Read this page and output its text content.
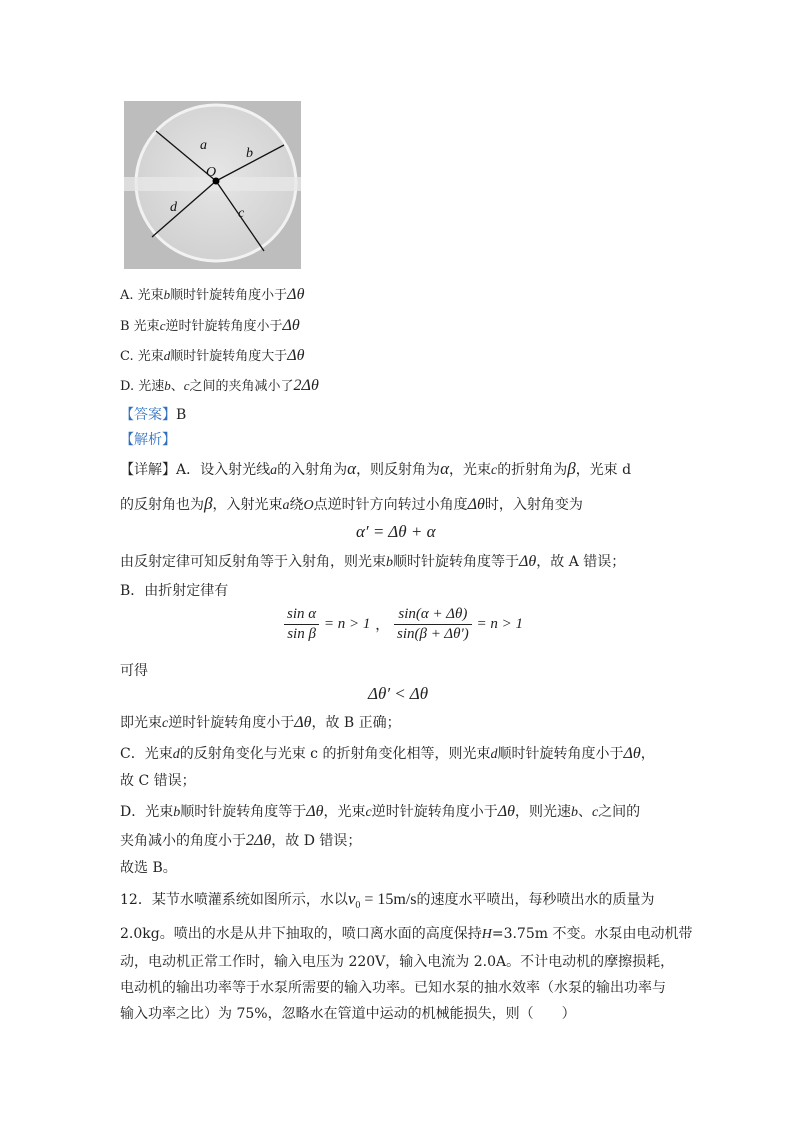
a
O
b
d	c
A. 光束b顺时针旋转角度小于Δθ
B 光束c逆时针旋转角度小于Δθ
C. 光束d顺时针旋转角度大于Δθ
D. 光速b、c之间的夹角减小了2Δθ
【答案】B
【解析】
【详解】A．设入射光线a的入射角为α，则反射角为α，光束c的折射角为β，光束 d
的反射角也为β，入射光束a绕O点逆时针方向转过小角度Δθ时，入射角变为
α′ = Δθ + α
由反射定律可知反射角等于入射角，则光束b顺时针旋转角度等于Δθ，故 A 错误；
B．由折射定律有
$\frac{\text{sin α}}{\text{sin β}} = n > 1$ ， $\frac{\sin(\alpha + \Delta\theta)}{\sin(\beta + \Delta\theta')} = n > 1$
可得
Δθ′ < Δθ
即光束c逆时针旋转角度小于Δθ，故 B 正确；
C．光束d的反射角变化与光束 c 的折射角变化相等，则光束d顺时针旋转角度小于Δθ，
故 C 错误；
D．光束b顺时针旋转角度等于Δθ，光束c逆时针旋转角度小于Δθ，则光速b、c之间的
夹角减小的角度小于2Δθ，故 D 错误；
故选 B。
12．某节水喷灌系统如图所示，水以$v_0 = 15m/s$的速度水平喷出，每秒喷出水的质量为
2.0kg。喷出的水是从井下抽取的，喷口离水面的高度保持H=3.75m 不变。水泵由电动机带
动，电动机正常工作时，输入电压为 220V，输入电流为 2.0A。不计电动机的摩擦损耗，
电动机的输出功率等于水泵所需要的输入功率。已知水泵的抽水效率（水泵的输出功率与
输入功率之比）为 75%，忽略水在管道中运动的机械能损失，则（　　）
